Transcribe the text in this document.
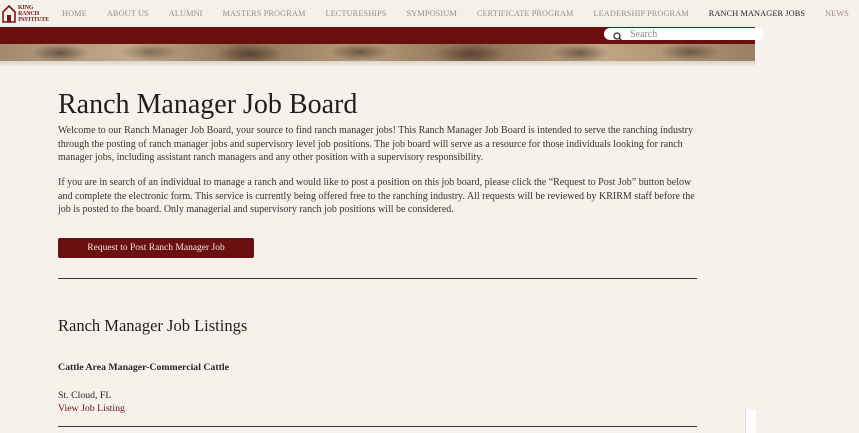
KING RANCH
INSTITUTE
HOME	ABOUT US	ALUMNI	MASTERS PROGRAM	LECTURESHIPS	SYMPOSIUM	CERTIFICATE PROGRAM	LEADERSHIP PROGRAM	RANCH MANAGER JOBS	NEWS
Search
Ranch Manager Job Board

Welcome to our Ranch Manager Job Board, your source to find ranch manager jobs! This Ranch Manager Job Board is intended to serve the ranching industry through the posting of ranch manager jobs and supervisory level job positions. The job board will serve as a resource for those individuals looking for ranch manager jobs, including assistant ranch managers and any other position with a supervisory responsibility.

If you are in search of an individual to manage a ranch and would like to post a position on this job board, please click the “Request to Post Job” button below and complete the electronic form. This service is currently being offered free to the ranching industry. All requests will be reviewed by KRIRM staff before the job is posted to the board. Only managerial and supervisory ranch job positions will be considered.

Request to Post Ranch Manager Job
Ranch Manager Job Listings

Cattle Area Manager-Commercial Cattle

St. Cloud, FL

View Job Listing
